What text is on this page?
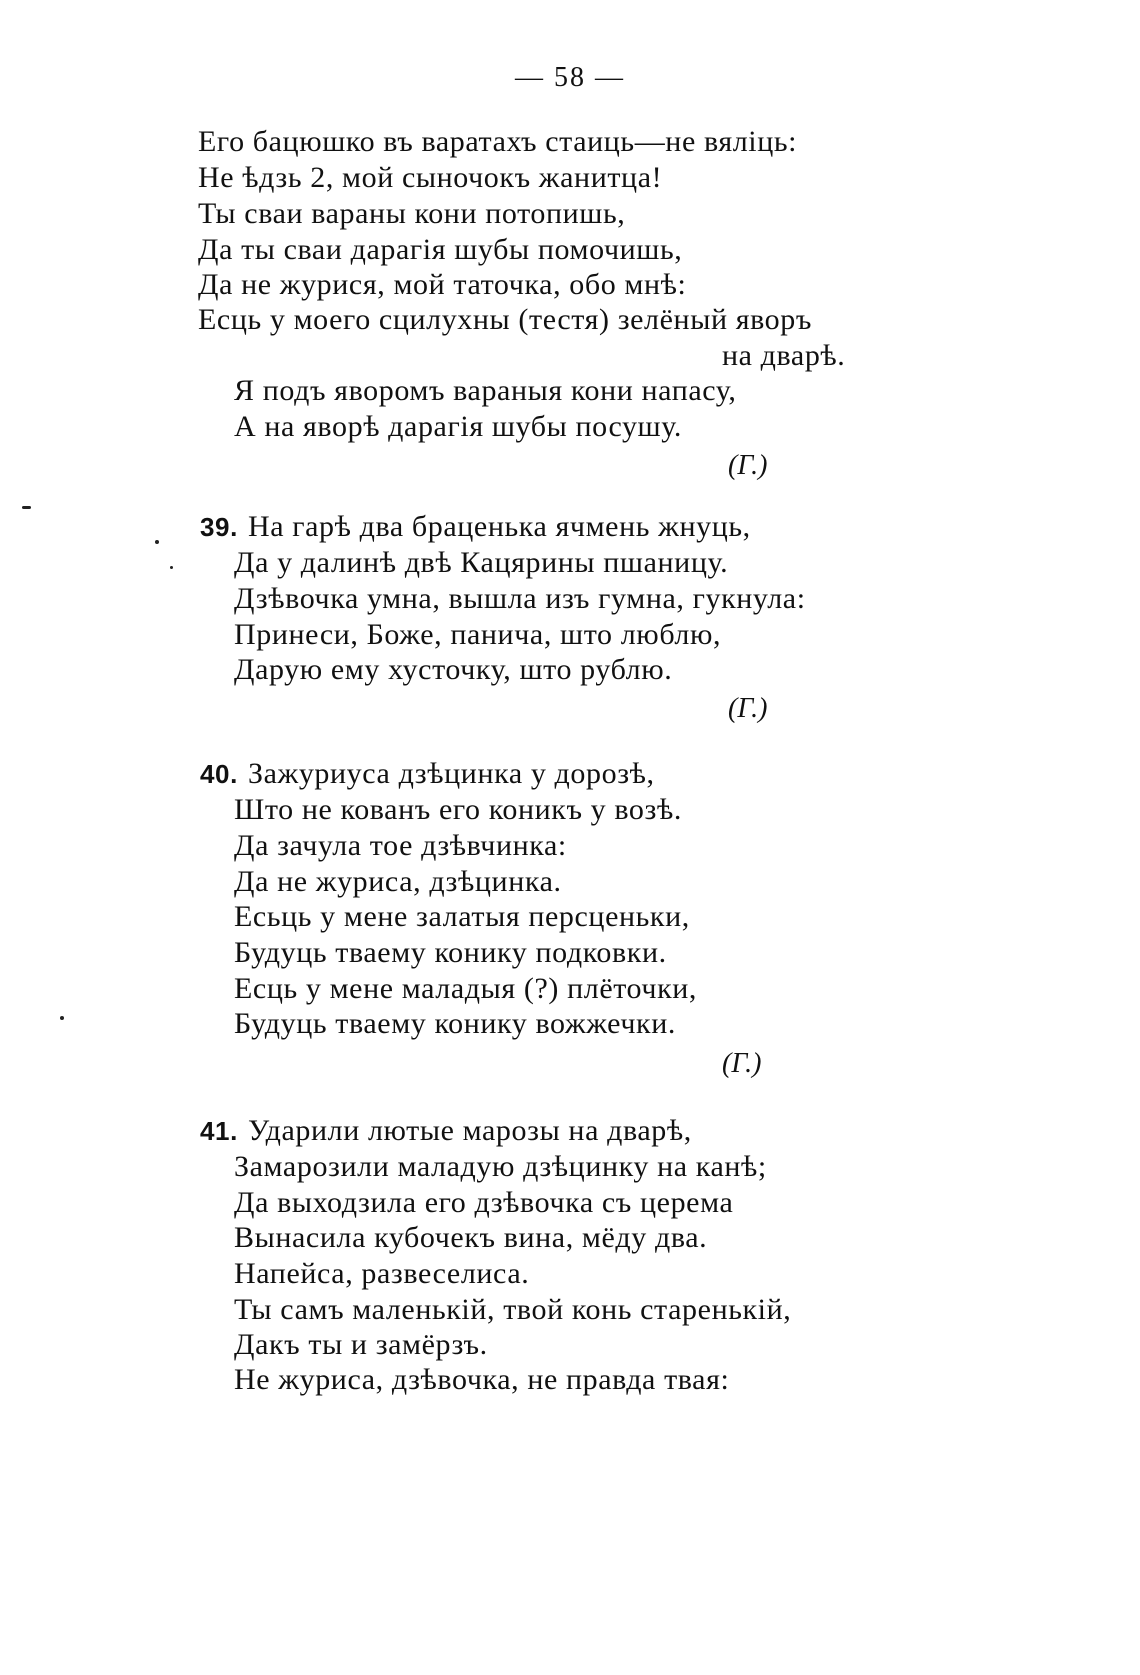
— 58 —
Его бацюшко въ варатахъ стаиць—не вяліць:
Не ѣдзь 2, мой сыночокъ жанитца!
Ты сваи вараны кони потопишь,
Да ты сваи дарагія шубы помочишь,
Да не журися, мой таточка, обо мнѣ:
Есць у моего сцилухны (тестя) зелёный яворъ
на дварѣ.
Я подъ яворомъ вараныя кони напасу,
А на яворѣ дарагія шубы посушу.
(Г.)
39. На гарѣ два браценька ячмень жнуць,
Да у далинѣ двѣ Кацярины пшаницу.
Дзѣвочка умна, вышла изъ гумна, гукнула:
Принеси, Боже, панича, што люблю,
Дарую ему хусточку, што рублю.
(Г.)
40. Зажуриуса дзѣцинка у дорозѣ,
Што не кованъ его коникъ у возѣ.
Да зачула тое дзѣвчинка:
Да не журиса, дзѣцинка.
Есьць у мене залатыя персценьки,
Будуць тваему конику подковки.
Есць у мене маладыя (?) плёточки,
Будуць тваему конику вожжечки.
(Г.)
41. Ударили лютые марозы на дварѣ,
Замарозили маладую дзѣцинку на канѣ;
Да выходзила его дзѣвочка съ церема
Вынасила кубочекъ вина, мёду два.
Напейса, развеселиса.
Ты самъ маленькій, твой конь старенькій,
Дакъ ты и замёрзъ.
Не журиса, дзѣвочка, не правда твая:
